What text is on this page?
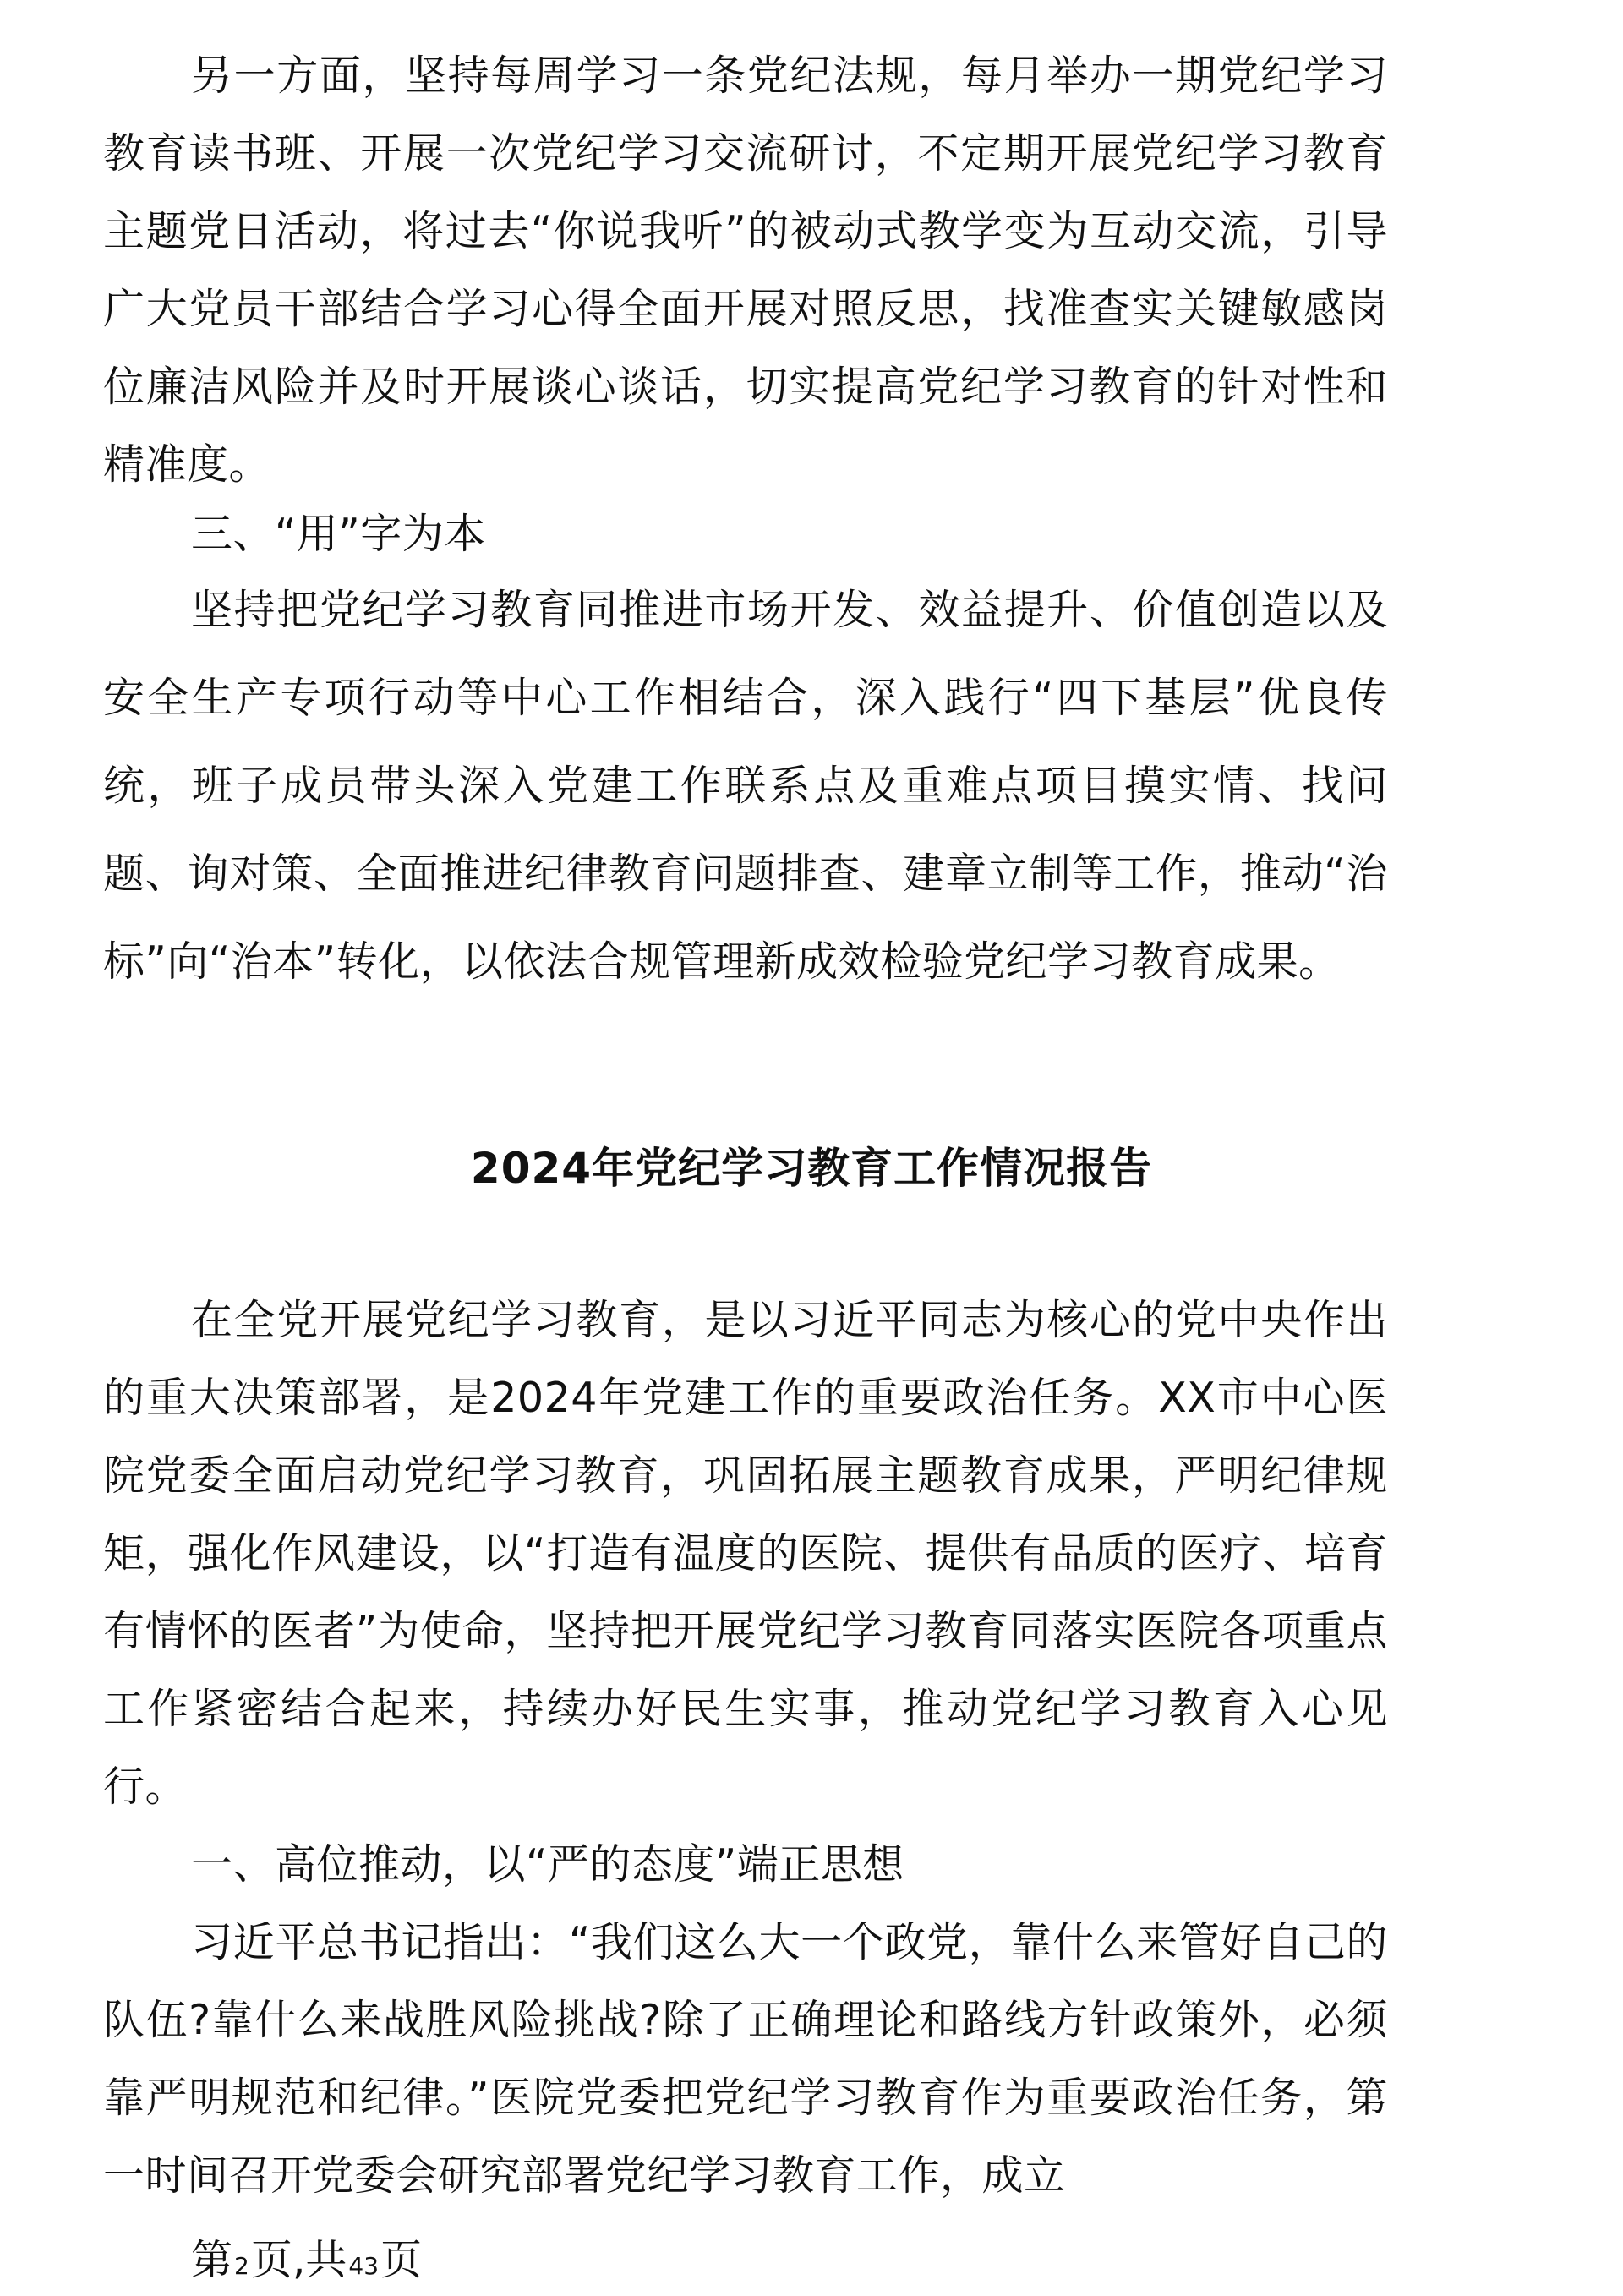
另一方面，坚持每周学习一条党纪法规，每月举办一期党纪学习教育读书班、开展一次党纪学习交流研讨，不定期开展党纪学习教育主题党日活动，将过去“你说我听”的被动式教学变为互动交流，引导广大党员干部结合学习心得全面开展对照反思，找准查实关键敏感岗位廉洁风险并及时开展谈心谈话，切实提高党纪学习教育的针对性和精准度。

三、“用”字为本

坚持把党纪学习教育同推进市场开发、效益提升、价值创造以及安全生产专项行动等中心工作相结合，深入践行“四下基层”优良传统，班子成员带头深入党建工作联系点及重难点项目摸实情、找问题、询对策、全面推进纪律教育问题排查、建章立制等工作，推动“治标”向“治本”转化，以依法合规管理新成效检验党纪学习教育成果。

2024年党纪学习教育工作情况报告

在全党开展党纪学习教育，是以习近平同志为核心的党中央作出的重大决策部署，是2024年党建工作的重要政治任务。XX市中心医院党委全面启动党纪学习教育，巩固拓展主题教育成果，严明纪律规矩，强化作风建设，以“打造有温度的医院、提供有品质的医疗、培育有情怀的医者”为使命，坚持把开展党纪学习教育同落实医院各项重点工作紧密结合起来，持续办好民生实事，推动党纪学习教育入心见行。

一、高位推动，以“严的态度”端正思想

习近平总书记指出：“我们这么大一个政党，靠什么来管好自己的队伍?靠什么来战胜风险挑战?除了正确理论和路线方针政策外，必须靠严明规范和纪律。”医院党委把党纪学习教育作为重要政治任务，第一时间召开党委会研究部署党纪学习教育工作，成立

第2页,共43页
